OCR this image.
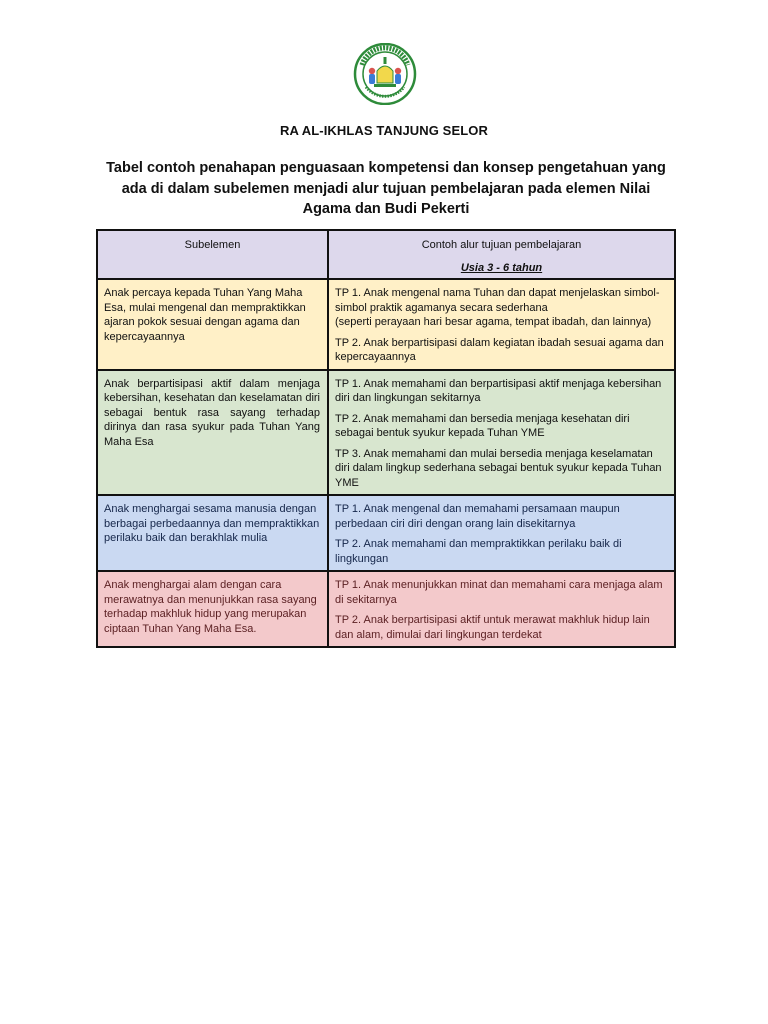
RA AL-IKHLAS TANJUNG SELOR
Tabel contoh penahapan penguasaan kompetensi dan konsep pengetahuan yang ada di dalam subelemen menjadi alur tujuan pembelajaran pada elemen Nilai Agama dan Budi Pekerti
Subelemen	Contoh alur tujuan pembelajaran
Usia 3 - 6 tahun

Anak percaya kepada Tuhan Yang Maha Esa, mulai mengenal dan mempraktikkan ajaran pokok sesuai dengan agama dan kepercayaannya	TP 1. Anak mengenal nama Tuhan dan dapat menjelaskan simbol-simbol praktik agamanya secara sederhana
(seperti perayaan hari besar agama, tempat ibadah, dan lainnya)

TP 2. Anak berpartisipasi dalam kegiatan ibadah sesuai agama dan kepercayaannya

Anak berpartisipasi aktif dalam menjaga kebersihan, kesehatan dan keselamatan diri sebagai bentuk rasa sayang terhadap dirinya dan rasa syukur pada Tuhan Yang Maha Esa	TP 1. Anak memahami dan berpartisipasi aktif menjaga kebersihan diri dan lingkungan sekitarnya

TP 2. Anak memahami dan bersedia menjaga kesehatan diri sebagai bentuk syukur kepada Tuhan YME

TP 3. Anak memahami dan mulai bersedia menjaga keselamatan diri dalam lingkup sederhana sebagai bentuk syukur kepada Tuhan YME

Anak menghargai sesama manusia dengan berbagai perbedaannya dan mempraktikkan perilaku baik dan berakhlak mulia	TP 1. Anak mengenal dan memahami persamaan maupun perbedaan ciri diri dengan orang lain disekitarnya

TP 2. Anak memahami dan mempraktikkan perilaku baik di lingkungan

Anak menghargai alam dengan cara merawatnya dan menunjukkan rasa sayang terhadap makhluk hidup yang merupakan ciptaan Tuhan Yang Maha Esa.	TP 1. Anak menunjukkan minat dan memahami cara menjaga alam di sekitarnya

TP 2. Anak berpartisipasi aktif untuk merawat makhluk hidup lain dan alam, dimulai dari lingkungan terdekat
